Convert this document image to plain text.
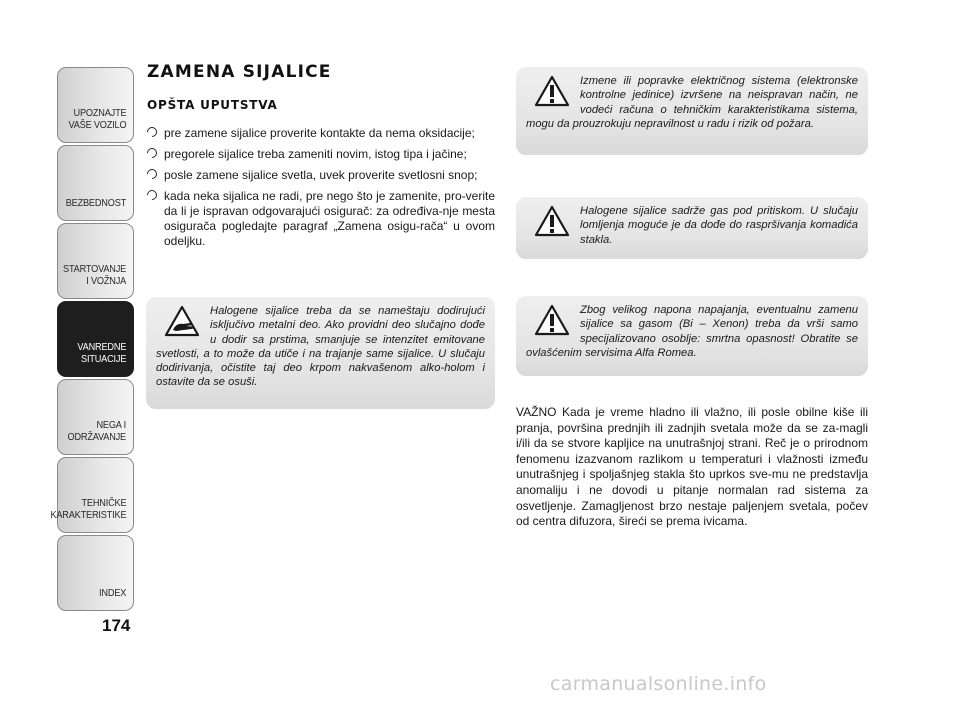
UPOZNAJTE
VAŠE VOZILO
BEZBEDNOST
STARTOVANJE
I VOŽNJA
VANREDNE
SITUACIJE
NEGA I
ODRŽAVANJE
TEHNIČKE
KARAKTERISTIKE
INDEX
174
ZAMENA SIJALICE
OPŠTA UPUTSTVA
pre zamene sijalice proverite kontakte da nema oksidacije;
pregorele sijalice treba zameniti novim, istog tipa i jačine;
posle zamene sijalice svetla, uvek proverite svetlosni snop;
kada neka sijalica ne radi, pre nego što je zamenite, pro-verite da li je ispravan odgovarajući osigurač: za određiva-nje mesta osigurača pogledajte paragraf „Zamena osigu-rača“ u ovom odeljku.
Halogene sijalice treba da se nameštaju dodirujući isključivo metalni deo. Ako providni deo slučajno dođe u dodir sa prstima, smanjuje se intenzitet emitovane svetlosti, a to može da utiče i na trajanje same sijalice. U slučaju dodirivanja, očistite taj deo krpom nakvašenom alko-holom i ostavite da se osuši.
Izmene ili popravke električnog sistema (elektronske kontrolne jedinice) izvršene na neispravan način, ne vodeći računa o tehničkim karakteristikama sistema, mogu da prouzrokuju nepravilnost u radu i rizik od požara.
Halogene sijalice sadrže gas pod pritiskom. U slučaju lomljenja moguće je da dođe do raspršivanja komadića stakla.
Zbog velikog napona napajanja, eventualnu zamenu sijalice sa gasom (Bi – Xenon) treba da vrši samo specijalizovano osoblje: smrtna opasnost! Obratite se ovlašćenim servisima Alfa Romea.

VAŽNO Kada je vreme hladno ili vlažno, ili posle obilne kiše ili pranja, površina prednjih ili zadnjih svetala može da se za-magli i/ili da se stvore kapljice na unutrašnjoj strani. Reč je o prirodnom fenomenu izazvanom razlikom u temperaturi i vlažnosti između unutrašnjeg i spoljašnjeg stakla što uprkos sve-mu ne predstavlja anomaliju i ne dovodi u pitanje normalan rad sistema za osvetljenje. Zamagljenost brzo nestaje paljenjem svetala, počev od centra difuzora, šireći se prema ivicama.

carmanualsonline.info
